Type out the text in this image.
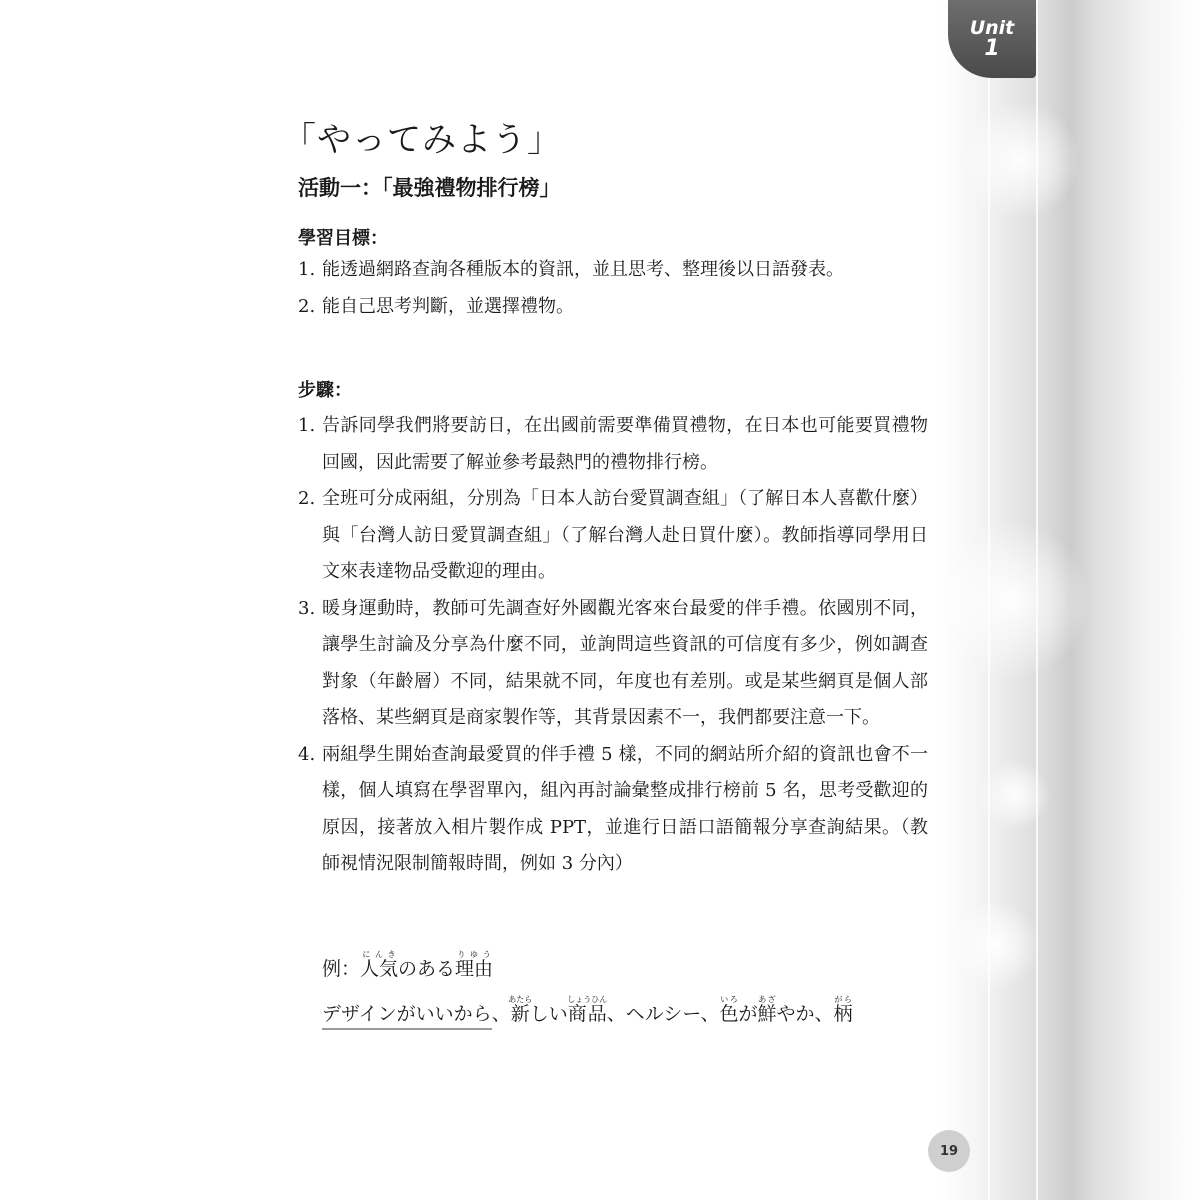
Unit
1
19
「やってみよう」
活動一：「最強禮物排行榜」
學習目標：
1. 能透過網路查詢各種版本的資訊，並且思考、整理後以日語發表。
2. 能自己思考判斷，並選擇禮物。
步驟：
1. 告訴同學我們將要訪日，在出國前需要準備買禮物，在日本也可能要買禮物回國，因此需要了解並參考最熱門的禮物排行榜。
2. 全班可分成兩組，分別為「日本人訪台愛買調查組」（了解日本人喜歡什麼）與「台灣人訪日愛買調查組」（了解台灣人赴日買什麼）。教師指導同學用日文來表達物品受歡迎的理由。
3. 暖身運動時，教師可先調查好外國觀光客來台最愛的伴手禮。依國別不同，讓學生討論及分享為什麼不同，並詢問這些資訊的可信度有多少，例如調查對象（年齡層）不同，結果就不同，年度也有差別。或是某些網頁是個人部落格、某些網頁是商家製作等，其背景因素不一，我們都要注意一下。
4. 兩組學生開始查詢最愛買的伴手禮 5 樣，不同的網站所介紹的資訊也會不一樣，個人填寫在學習單內，組內再討論彙整成排行榜前 5 名，思考受歡迎的原因，接著放入相片製作成 PPT，並進行日語口語簡報分享查詢結果。（教師視情況限制簡報時間，例如 3 分內）
例：人気にんきのある理由りゆう
デザインがいいから、新あたらしい商品しょうひん、ヘルシー、色いろが鮮あざやか、柄がら
